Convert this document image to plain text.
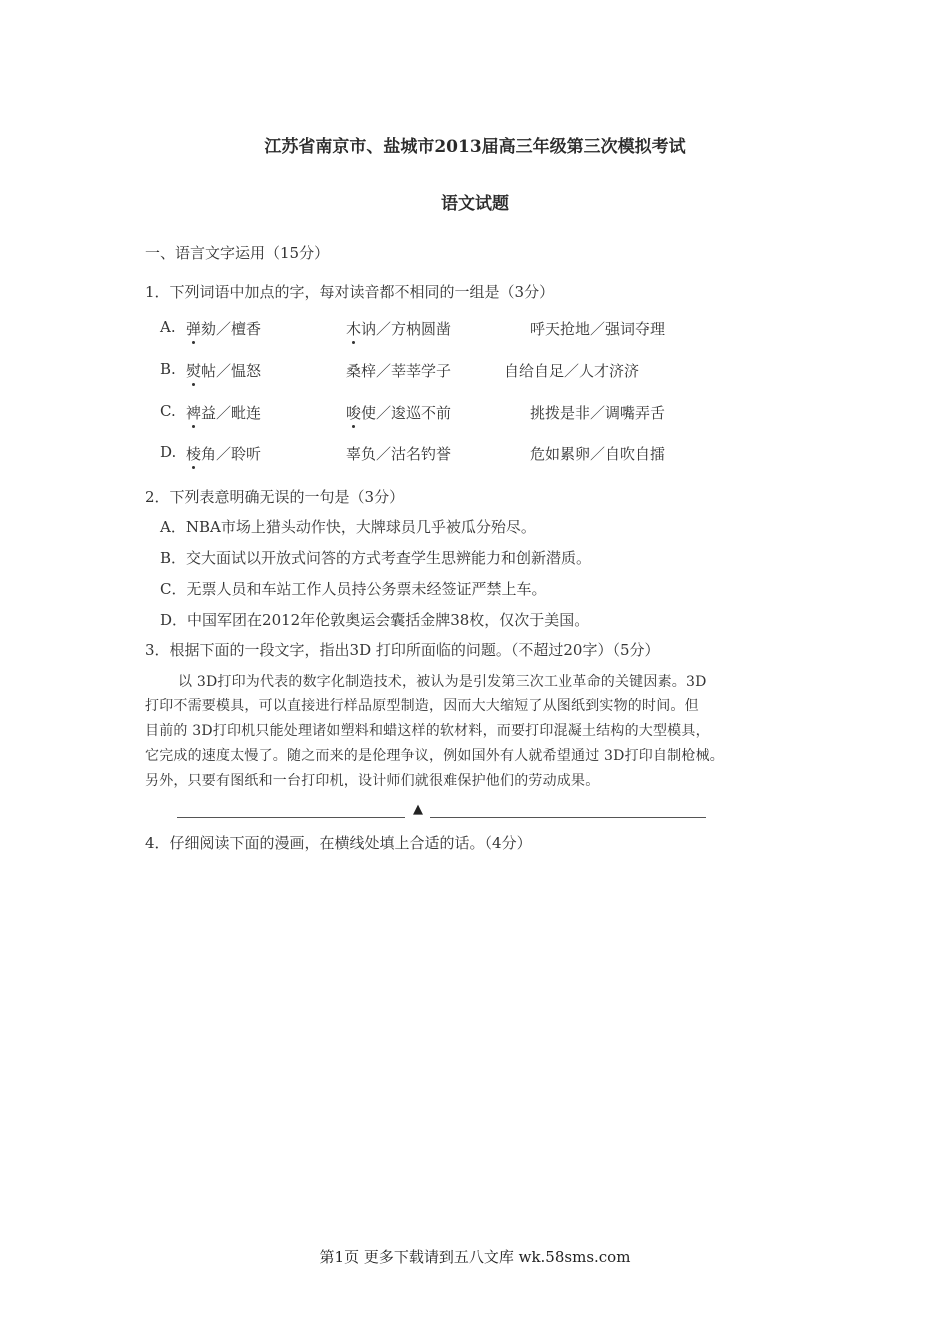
江苏省南京市、盐城市2013届高三年级第三次模拟考试
语文试题
一、语言文字运用（15分）
1．下列词语中加点的字，每对读音都不相同的一组是（3分）
A. 弹劾／檀香	木讷／方枘圆凿	呼天抢地／强词夺理
B. 熨帖／愠怒	桑梓／莘莘学子	自给自足／人才济济
C. 裨益／毗连	唆使／逡巡不前	挑拨是非／调嘴弄舌
D. 棱角／聆听	辜负／沽名钓誉	危如累卵／自吹自擂
2．下列表意明确无误的一句是（3分）
A．NBA市场上猎头动作快，大牌球员几乎被瓜分殆尽。
B．交大面试以开放式问答的方式考查学生思辨能力和创新潜质。
C．无票人员和车站工作人员持公务票未经签证严禁上车。
D．中国军团在2012年伦敦奥运会囊括金牌38枚，仅次于美国。
3．根据下面的一段文字，指出3D 打印所面临的问题。（不超过20字）（5分）
以 3D打印为代表的数字化制造技术，被认为是引发第三次工业革命的关键因素。3D
打印不需要模具，可以直接进行样品原型制造，因而大大缩短了从图纸到实物的时间。但
目前的 3D打印机只能处理诸如塑料和蜡这样的软材料，而要打印混凝土结构的大型模具，
它完成的速度太慢了。随之而来的是伦理争议，例如国外有人就希望通过 3D打印自制枪械。
另外，只要有图纸和一台打印机，设计师们就很难保护他们的劳动成果。
▲
4．仔细阅读下面的漫画，在横线处填上合适的话。（4分）
第1页 更多下载请到五八文库 wk.58sms.com
